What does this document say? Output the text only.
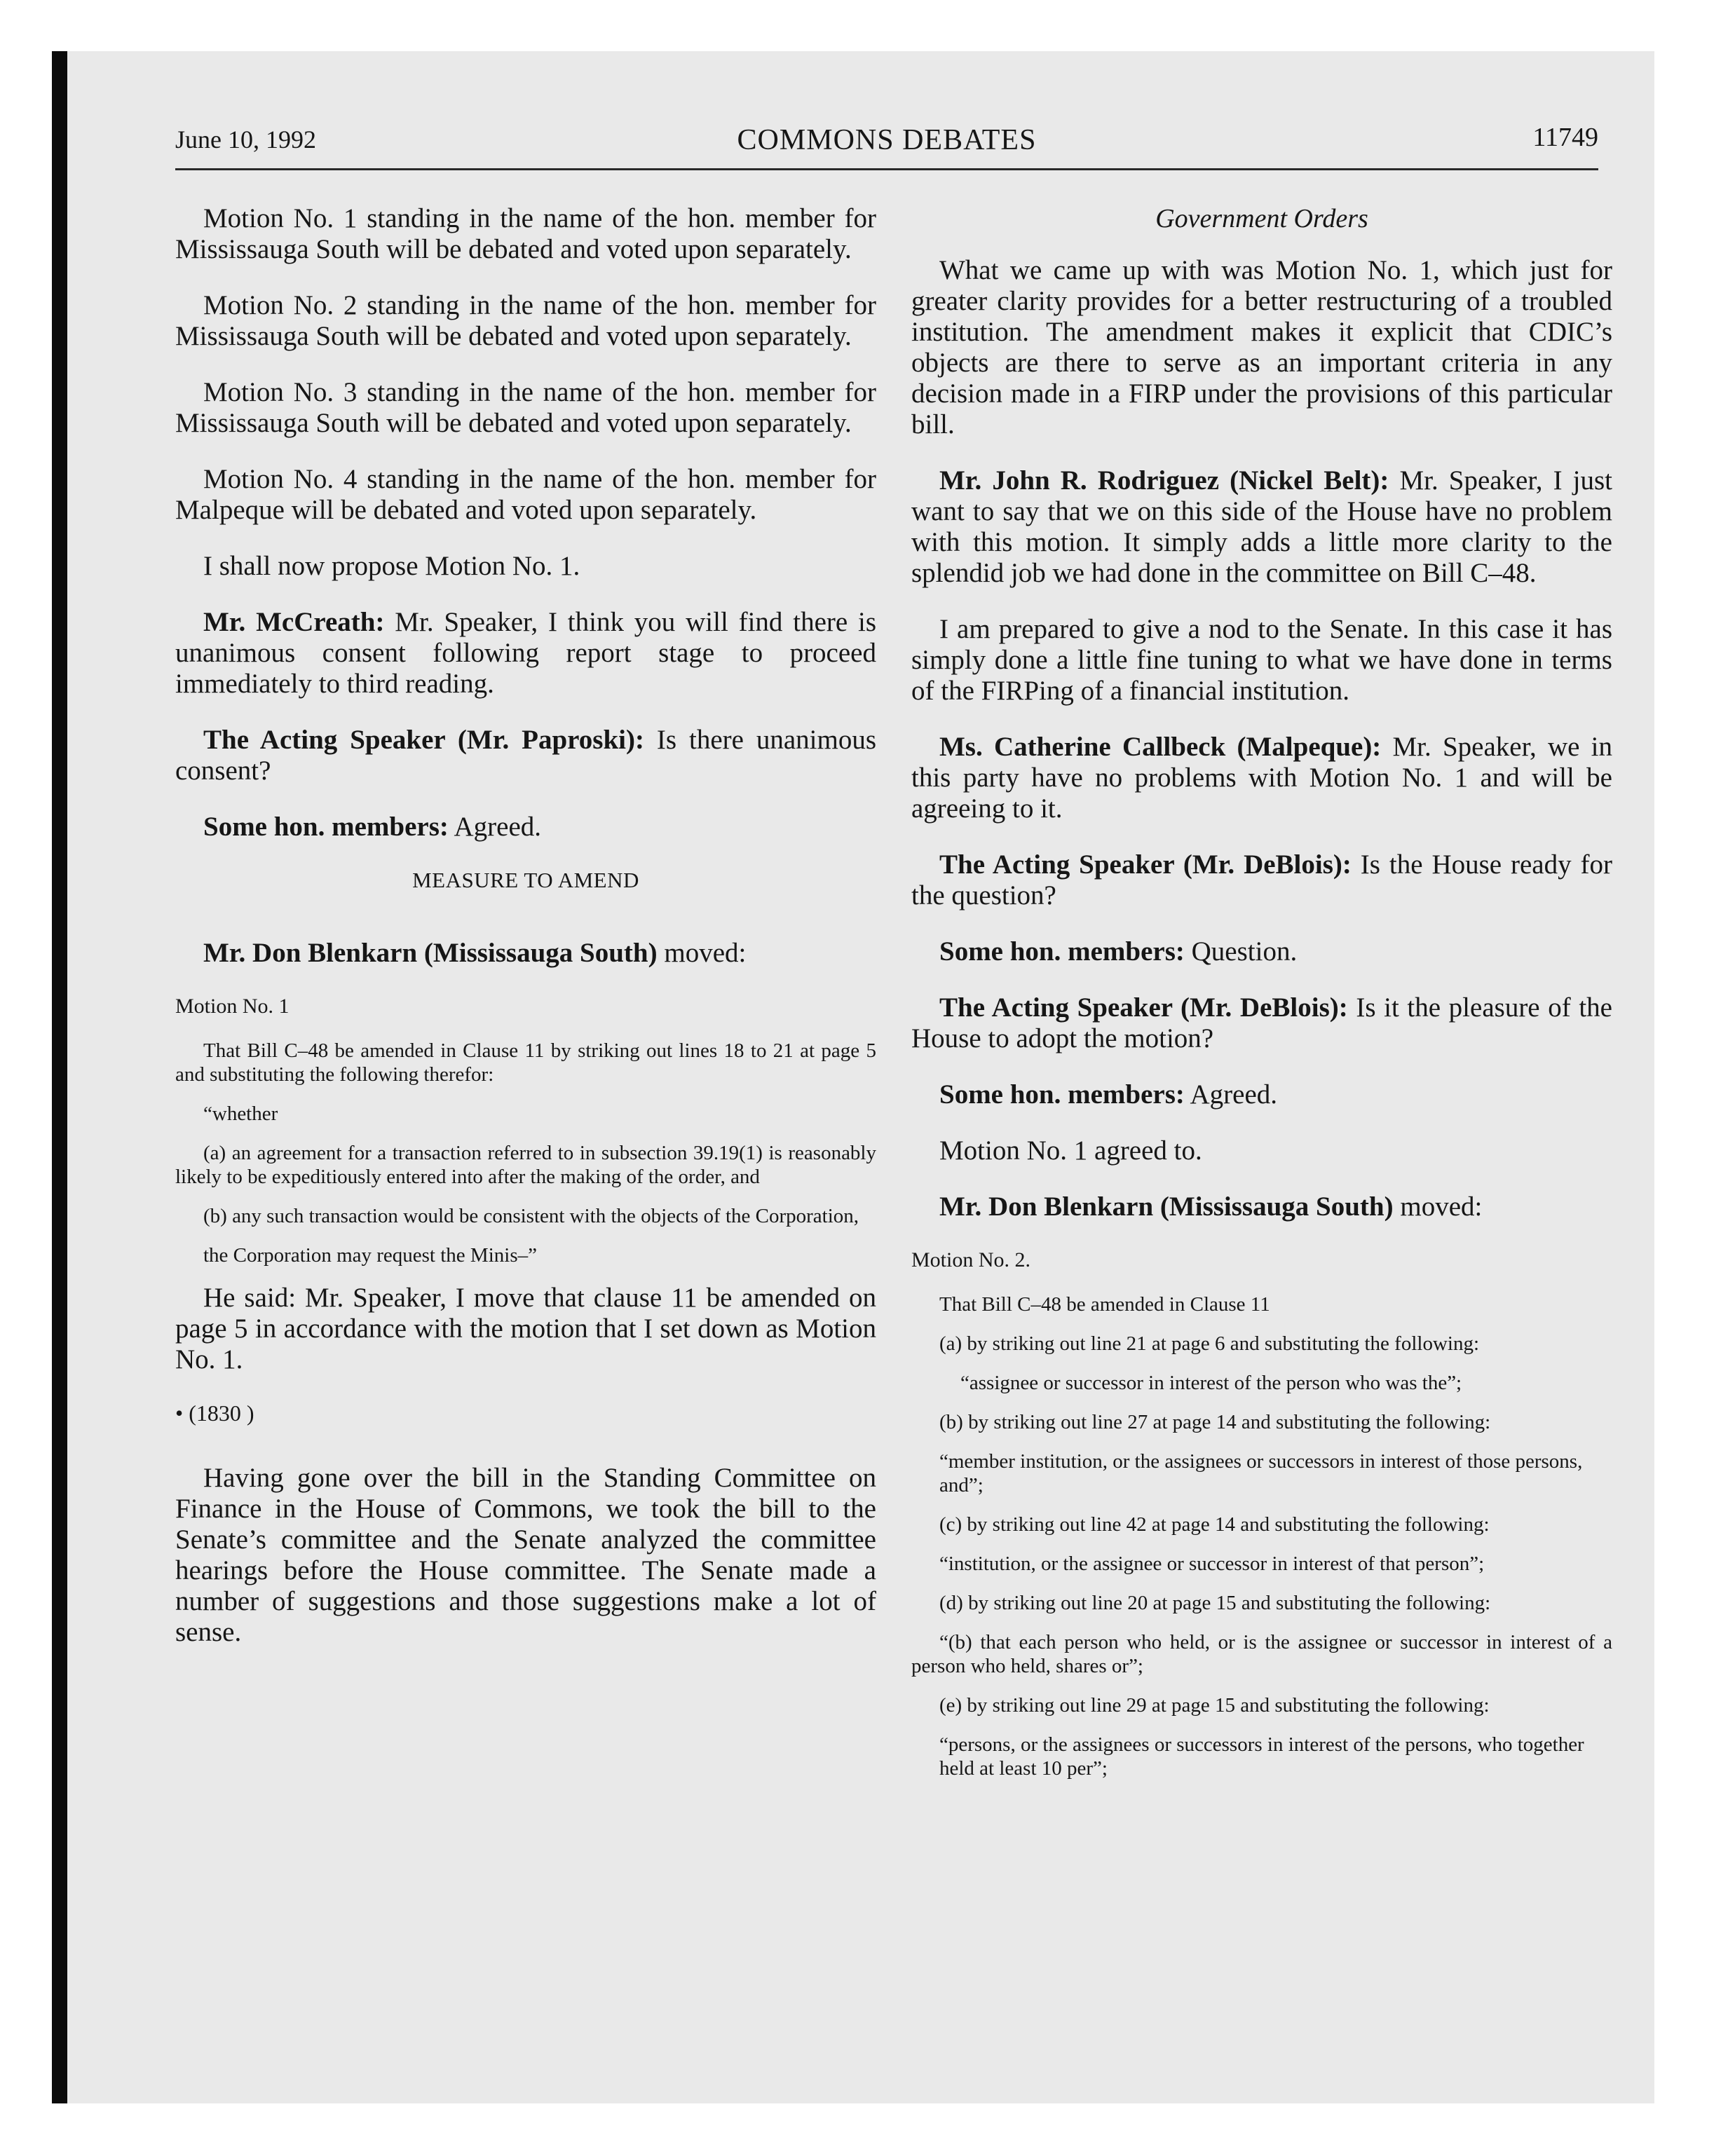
June 10, 1992	COMMONS DEBATES	11749

Motion No. 1 standing in the name of the hon. member for Mississauga South will be debated and voted upon separately.

Motion No. 2 standing in the name of the hon. member for Mississauga South will be debated and voted upon separately.

Motion No. 3 standing in the name of the hon. member for Mississauga South will be debated and voted upon separately.

Motion No. 4 standing in the name of the hon. member for Malpeque will be debated and voted upon separately.

I shall now propose Motion No. 1.

Mr. McCreath: Mr. Speaker, I think you will find there is unanimous consent following report stage to proceed immediately to third reading.

The Acting Speaker (Mr. Paproski): Is there unanimous consent?

Some hon. members: Agreed.

MEASURE TO AMEND

Mr. Don Blenkarn (Mississauga South) moved:

Motion No. 1

That Bill C–48 be amended in Clause 11 by striking out lines 18 to 21 at page 5 and substituting the following therefor:

“whether

(a) an agreement for a transaction referred to in subsection 39.19(1) is reasonably likely to be expeditiously entered into after the making of the order, and

(b) any such transaction would be consistent with the objects of the Corporation,

the Corporation may request the Minis–”

He said: Mr. Speaker, I move that clause 11 be amended on page 5 in accordance with the motion that I set down as Motion No. 1.

• (1830 )

Having gone over the bill in the Standing Committee on Finance in the House of Commons, we took the bill to the Senate’s committee and the Senate analyzed the committee hearings before the House committee. The Senate made a number of suggestions and those suggestions make a lot of sense.

Government Orders

What we came up with was Motion No. 1, which just for greater clarity provides for a better restructuring of a troubled institution. The amendment makes it explicit that CDIC’s objects are there to serve as an important criteria in any decision made in a FIRP under the provisions of this particular bill.

Mr. John R. Rodriguez (Nickel Belt): Mr. Speaker, I just want to say that we on this side of the House have no problem with this motion. It simply adds a little more clarity to the splendid job we had done in the committee on Bill C–48.

I am prepared to give a nod to the Senate. In this case it has simply done a little fine tuning to what we have done in terms of the FIRPing of a financial institution.

Ms. Catherine Callbeck (Malpeque): Mr. Speaker, we in this party have no problems with Motion No. 1 and will be agreeing to it.

The Acting Speaker (Mr. DeBlois): Is the House ready for the question?

Some hon. members: Question.

The Acting Speaker (Mr. DeBlois): Is it the pleasure of the House to adopt the motion?

Some hon. members: Agreed.

Motion No. 1 agreed to.

Mr. Don Blenkarn (Mississauga South) moved:

Motion No. 2.

That Bill C–48 be amended in Clause 11

(a) by striking out line 21 at page 6 and substituting the following:

“assignee or successor in interest of the person who was the”;

(b) by striking out line 27 at page 14 and substituting the following:

“member institution, or the assignees or successors in interest of those persons, and”;

(c) by striking out line 42 at page 14 and substituting the following:

“institution, or the assignee or successor in interest of that person”;

(d) by striking out line 20 at page 15 and substituting the following:

“(b) that each person who held, or is the assignee or successor in interest of a person who held, shares or”;

(e) by striking out line 29 at page 15 and substituting the following:

“persons, or the assignees or successors in interest of the persons, who together held at least 10 per”;
